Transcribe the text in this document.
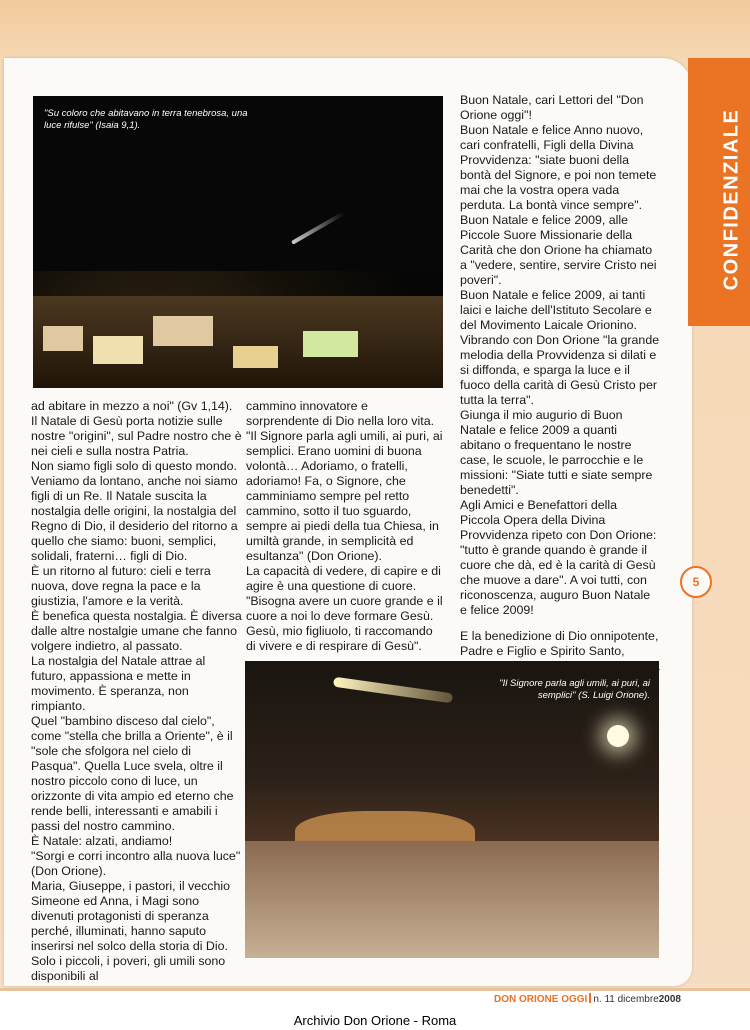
CONFIDENZIALE
"Su coloro che abitavano in terra tenebrosa, una luce rifulse" (Isaia 9,1).

ad abitare in mezzo a noi" (Gv 1,14).

Il Natale di Gesù porta notizie sulle nostre "origini", sul Padre nostro che è nei cieli e sulla nostra Patria.

Non siamo figli solo di questo mondo. Veniamo da lontano, anche noi siamo figli di un Re. Il Natale suscita la nostalgia delle origini, la nostalgia del Regno di Dio, il desiderio del ritorno a quello che siamo: buoni, semplici, solidali, fraterni… figli di Dio.

È un ritorno al futuro: cieli e terra nuova, dove regna la pace e la giustizia, l'amore e la verità.

È benefica questa nostalgia. È diversa dalle altre nostalgie umane che fanno volgere indietro, al passato.

La nostalgia del Natale attrae al futuro, appassiona e mette in movimento. È speranza, non rimpianto.

Quel "bambino disceso dal cielo", come "stella che brilla a Oriente", è il "sole che sfolgora nel cielo di Pasqua". Quella Luce svela, oltre il nostro piccolo cono di luce, un orizzonte di vita ampio ed eterno che rende belli, interessanti e amabili i passi del nostro cammino.

È Natale: alzati, andiamo!

"Sorgi e corri incontro alla nuova luce" (Don Orione).

Maria, Giuseppe, i pastori, il vecchio Simeone ed Anna, i Magi sono divenuti protagonisti di speranza perché, illuminati, hanno saputo inserirsi nel solco della storia di Dio. Solo i piccoli, i poveri, gli umili sono disponibili al

cammino innovatore e sorprendente di Dio nella loro vita.

"Il Signore parla agli umili, ai puri, ai semplici. Erano uomini di buona volontà… Adoriamo, o fratelli, adoriamo! Fa, o Signore, che camminiamo sempre pel retto cammino, sotto il tuo sguardo, sempre ai piedi della tua Chiesa, in umiltà grande, in semplicità ed esultanza" (Don Orione).

La capacità di vedere, di capire e di agire è una questione di cuore. "Bisogna avere un cuore grande e il cuore a noi lo deve formare Gesù. Gesù, mio figliuolo, ti raccomando di vivere e di respirare di Gesù".

Buon Natale, cari Lettori del "Don Orione oggi"!

Buon Natale e felice Anno nuovo, cari confratelli, Figli della Divina Provvidenza: "siate buoni della bontà del Signore, e poi non temete mai che la vostra opera vada perduta. La bontà vince sempre".

Buon Natale e felice 2009, alle Piccole Suore Missionarie della Carità che don Orione ha chiamato a "vedere, sentire, servire Cristo nei poveri".

Buon Natale e felice 2009, ai tanti laici e laiche dell'Istituto Secolare e del Movimento Laicale Orionino. Vibrando con Don Orione "la grande melodia della Provvidenza si dilati e si diffonda, e sparga la luce e il fuoco della carità di Gesù Cristo per tutta la terra".

Giunga il mio augurio di Buon Natale e felice 2009 a quanti abitano o frequentano le nostre case, le scuole, le parrocchie e le missioni: "Siate tutti e siate sempre benedetti".

Agli Amici e Benefattori della Piccola Opera della Divina Provvidenza ripeto con Don Orione: "tutto è grande quando è grande il cuore che dà, ed è la carità di Gesù che muove a dare". A voi tutti, con riconoscenza, auguro Buon Natale e felice 2009!

E la benedizione di Dio onnipotente, Padre e Figlio e Spirito Santo,

5
"Il Signore parla agli umili, ai puri, ai semplici" (S. Luigi Orione).
DON ORIONE OGGI n. 11 dicembre2008
Archivio Don Orione - Roma
